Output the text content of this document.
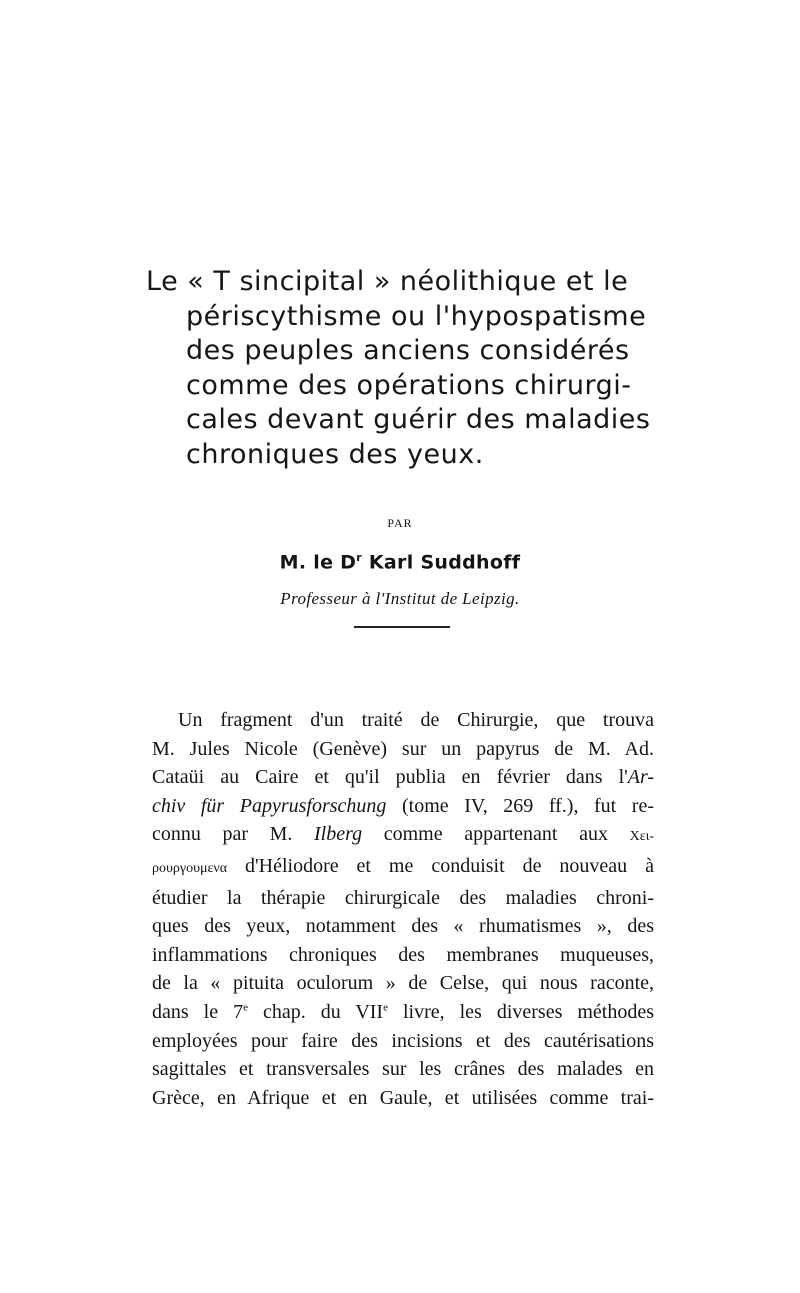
Le « T sincipital » néolithique et le
périscythisme ou l'hypospatisme
des peuples anciens considérés
comme des opérations chirurgi-
cales devant guérir des maladies
chroniques des yeux.
PAR
M. le $D^r$ Karl Suddhoff
Professeur à l'Institut de Leipzig.
Un fragment d'un traité de Chirurgie, que trouva
M. Jules Nicole (Genève) sur un papyrus de M. Ad.
Cataüi au Caire et qu'il publia en février dans l'Ar-
chiv für Papyrusforschung (tome IV, 269 ff.), fut re-
connu par M. Ilberg comme appartenant aux Χει-
ρουργουμενα d'Héliodore et me conduisit de nouveau à
étudier la thérapie chirurgicale des maladies chroni-
ques des yeux, notamment des « rhumatismes », des
inflammations chroniques des membranes muqueuses,
de la « pituita oculorum » de Celse, qui nous raconte,
dans le 7e chap. du VIIe livre, les diverses méthodes
employées pour faire des incisions et des cautérisations
sagittales et transversales sur les crânes des malades en
Grèce, en Afrique et en Gaule, et utilisées comme trai-
